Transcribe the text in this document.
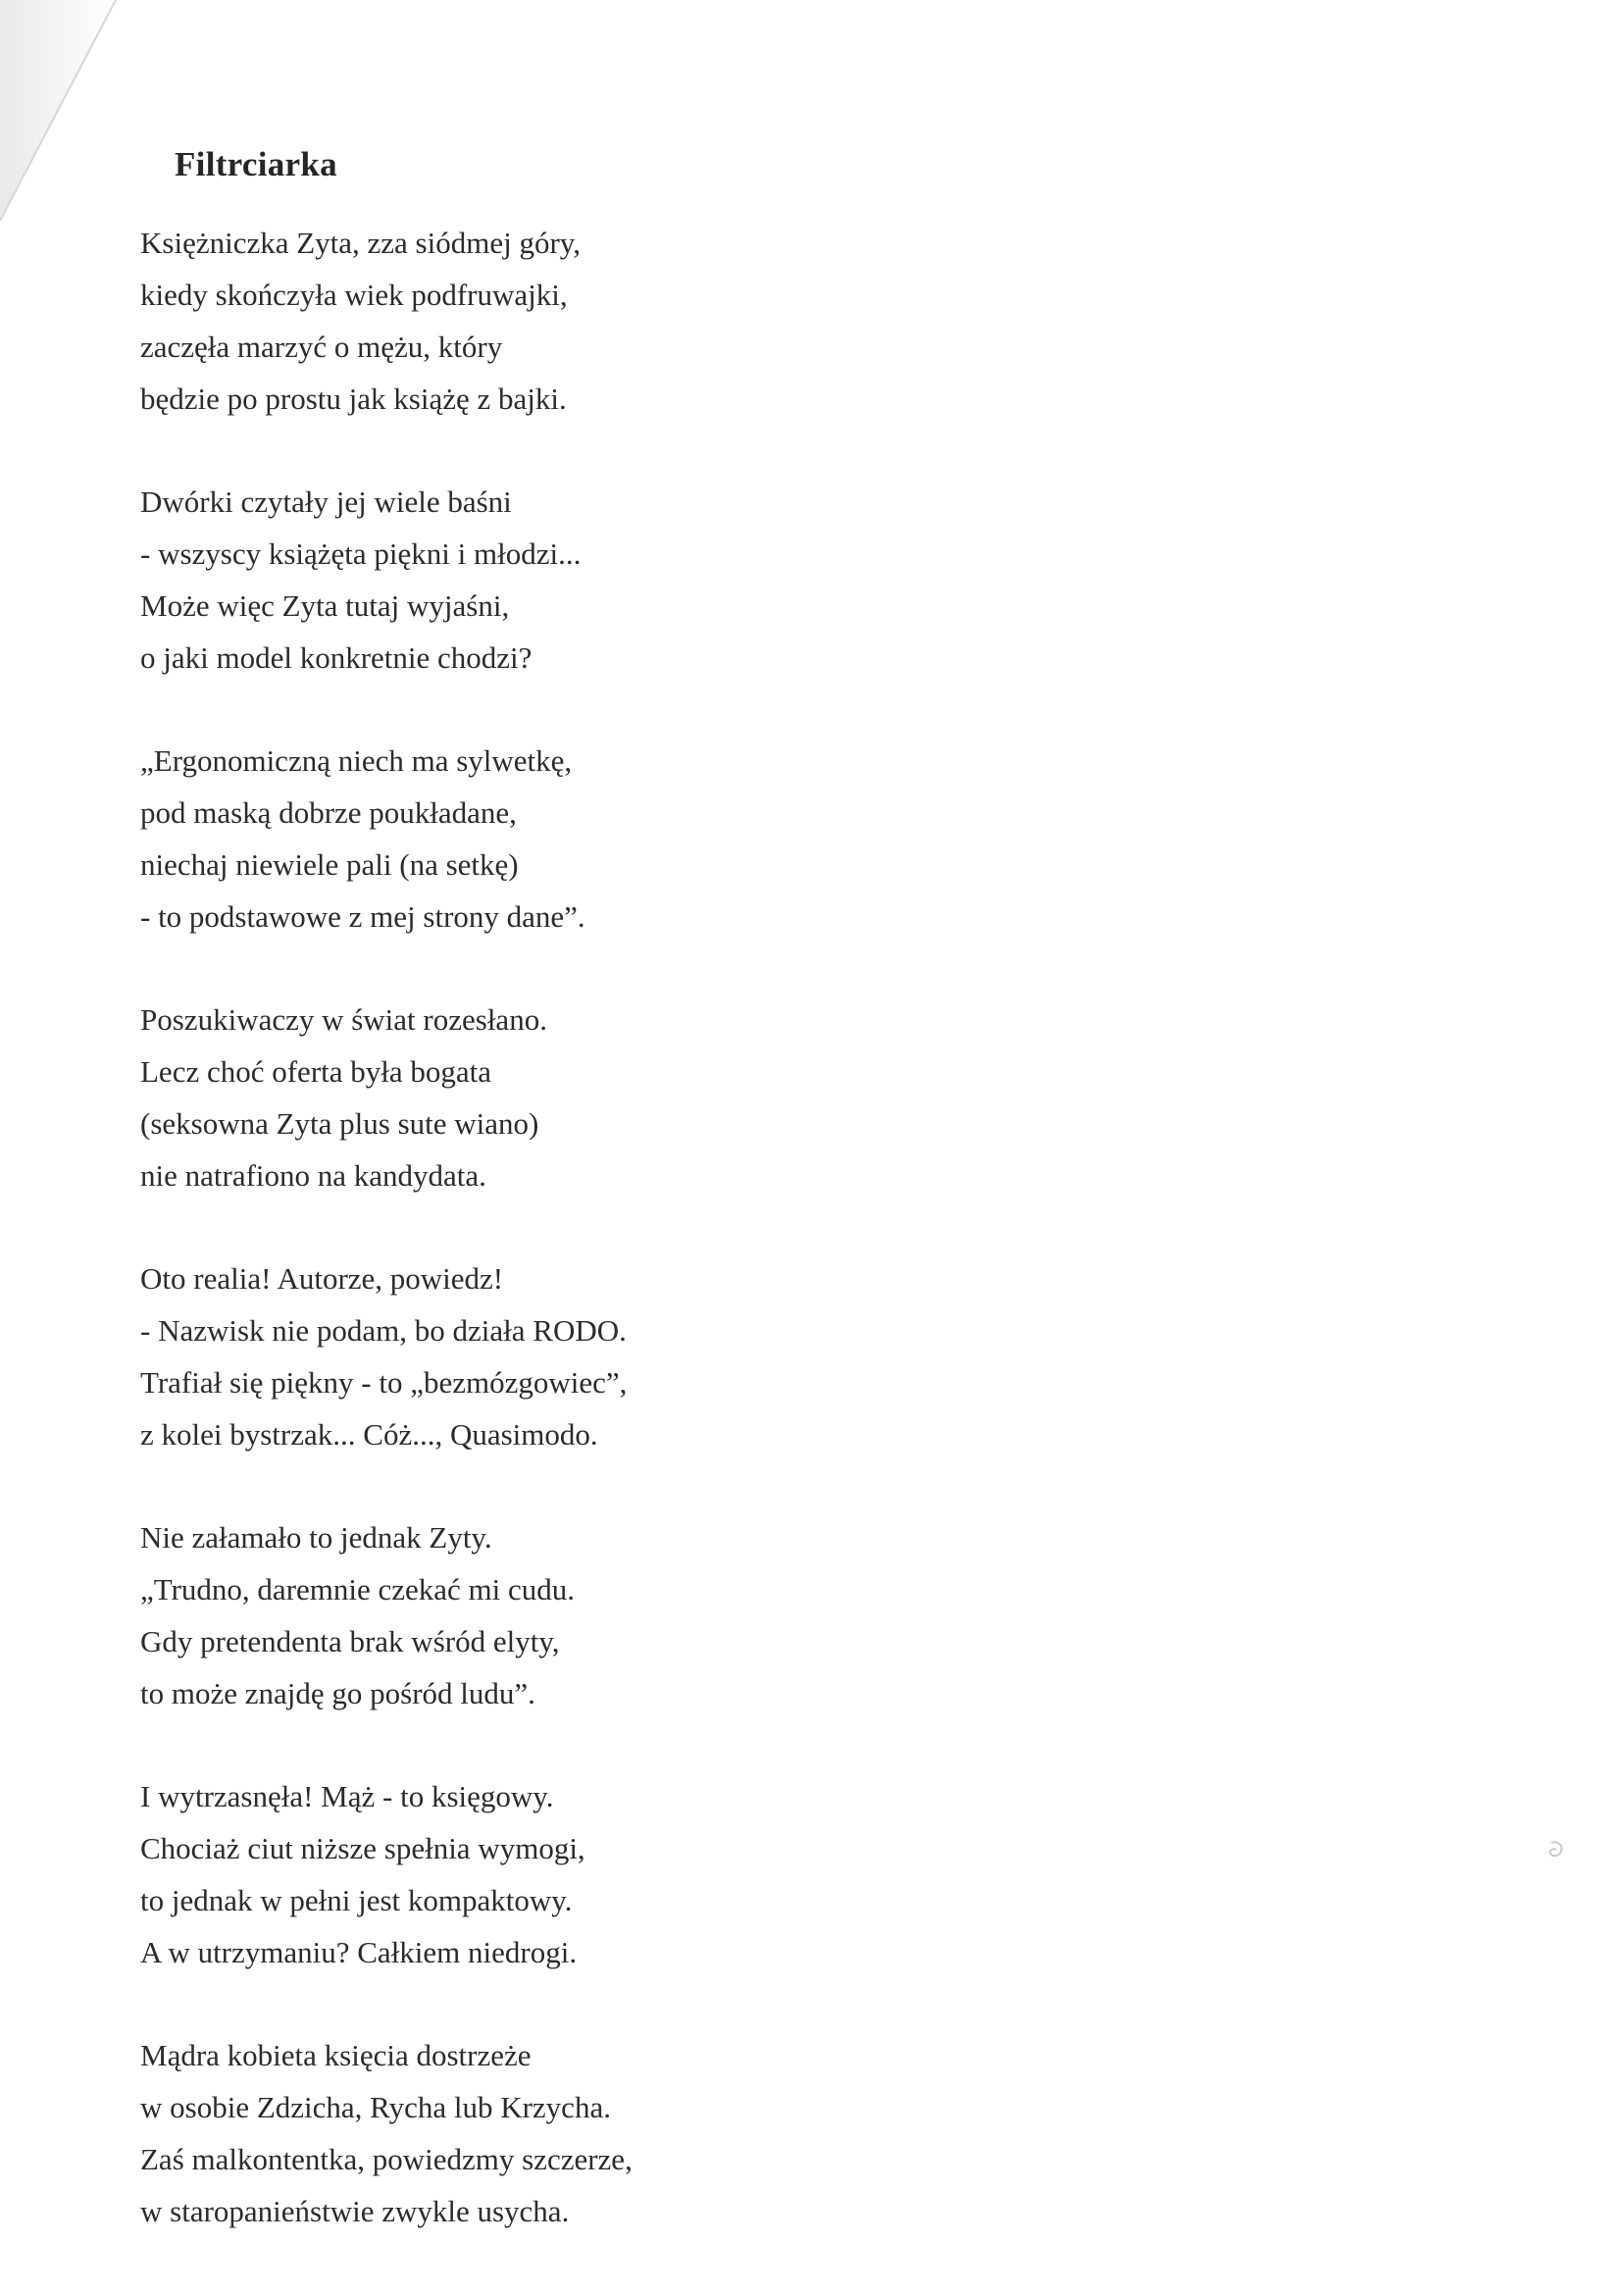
Filtrciarka
Księżniczka Zyta, zza siódmej góry,
kiedy skończyła wiek podfruwajki,
zaczęła marzyć o mężu, który
będzie po prostu jak książę z bajki.
Dwórki czytały jej wiele baśni
- wszyscy książęta piękni i młodzi...
Może więc Zyta tutaj wyjaśni,
o jaki model konkretnie chodzi?
„Ergonomiczną niech ma sylwetkę,
pod maską dobrze poukładane,
niechaj niewiele pali (na setkę)
- to podstawowe z mej strony dane”.
Poszukiwaczy w świat rozesłano.
Lecz choć oferta była bogata
(seksowna Zyta plus sute wiano)
nie natrafiono na kandydata.
Oto realia! Autorze, powiedz!
- Nazwisk nie podam, bo działa RODO.
Trafiał się piękny - to „bezmózgowiec”,
z kolei bystrzak... Cóż..., Quasimodo.
Nie załamało to jednak Zyty.
„Trudno, daremnie czekać mi cudu.
Gdy pretendenta brak wśród elyty,
to może znajdę go pośród ludu”.
I wytrzasnęła! Mąż - to księgowy.
Chociaż ciut niższe spełnia wymogi,
to jednak w pełni jest kompaktowy.
A w utrzymaniu? Całkiem niedrogi.
Mądra kobieta księcia dostrzeże
w osobie Zdzicha, Rycha lub Krzycha.
Zaś malkontentka, powiedzmy szczerze,
w staropanieństwie zwykle usycha.
